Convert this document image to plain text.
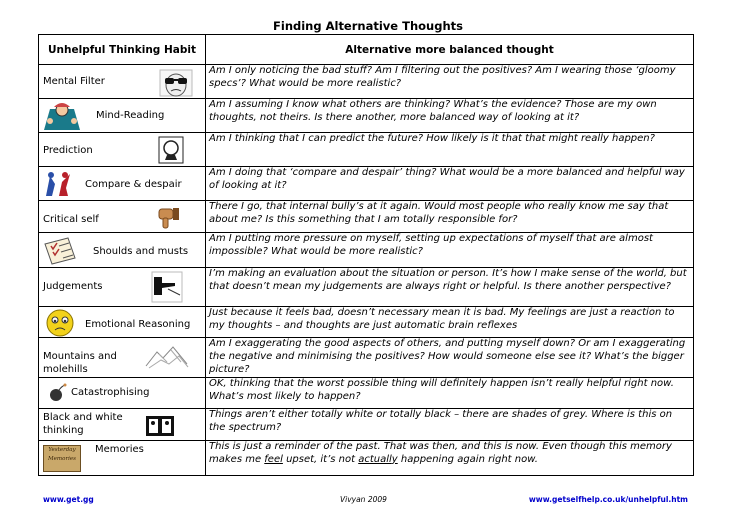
Finding Alternative Thoughts
Unhelpful Thinking Habit	Alternative more balanced thought

Mental Filter	Am I only noticing the bad stuff? Am I filtering out the positives? Am I wearing those ‘gloomy specs’? What would be more realistic?

Mind-Reading	Am I assuming I know what others are thinking? What’s the evidence? Those are my own thoughts, not theirs. Is there another, more balanced way of looking at it?

Prediction	Am I thinking that I can predict the future? How likely is it that that might really happen?

Compare & despair	Am I doing that ‘compare and despair’ thing? What would be a more balanced and helpful way of looking at it?

Critical self	There I go, that internal bully’s at it again. Would most people who really know me say that about me? Is this something that I am totally responsible for?

Shoulds and musts	Am I putting more pressure on myself, setting up expectations of myself that are almost impossible? What would be more realistic?

Judgements	I’m making an evaluation about the situation or person. It’s how I make sense of the world, but that doesn’t mean my judgements are always right or helpful. Is there another perspective?

Emotional Reasoning	Just because it feels bad, doesn’t necessary mean it is bad. My feelings are just a reaction to my thoughts – and thoughts are just automatic brain reflexes

Mountains and molehills	Am I exaggerating the good aspects of others, and putting myself down? Or am I exaggerating the negative and minimising the positives? How would someone else see it? What’s the bigger picture?

Catastrophising	OK, thinking that the worst possible thing will definitely happen isn’t really helpful right now. What’s most likely to happen?

Black and white thinking	Things aren’t either totally white or totally black – there are shades of grey. Where is this on the spectrum?

Yesterday
Memories
Memories	This is just a reminder of the past. That was then, and this is now. Even though this memory makes me feel upset, it’s not actually happening again right now.
www.get.gg	Vivyan 2009	www.getselfhelp.co.uk/unhelpful.htm
